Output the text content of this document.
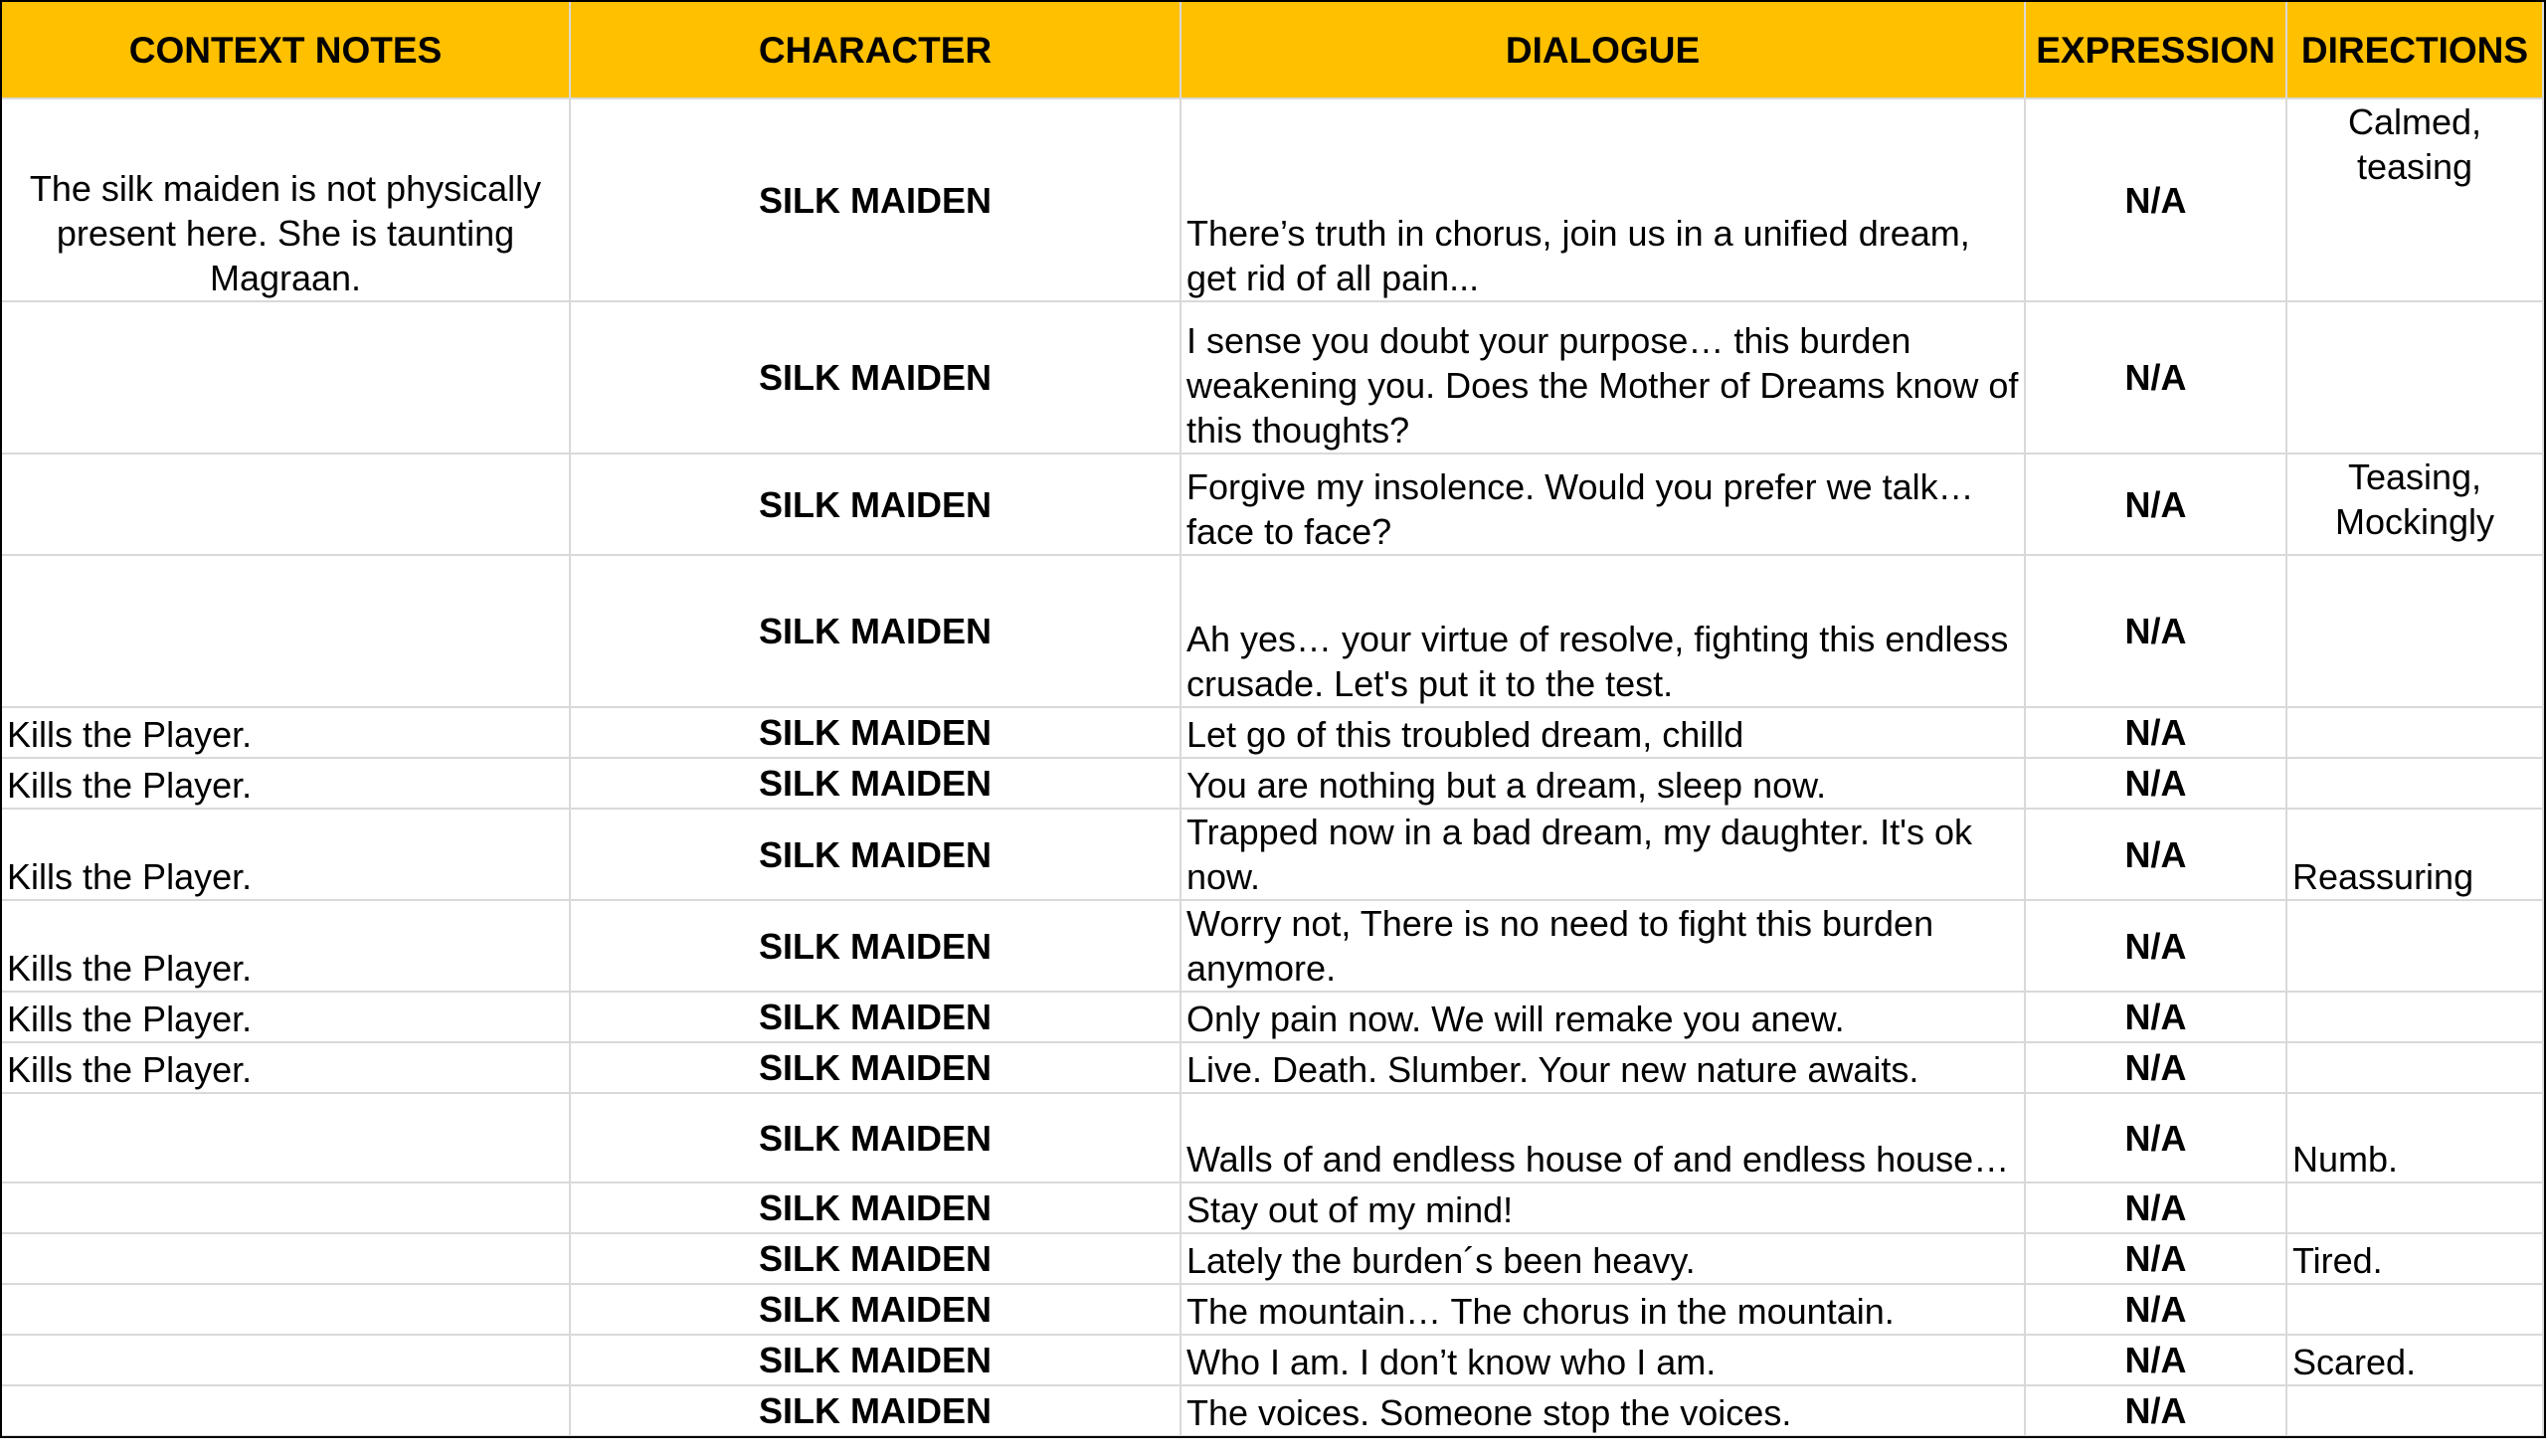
CONTEXT NOTES	CHARACTER	DIALOGUE	EXPRESSION	DIRECTIONS
The silk maiden is not physically present here. She is taunting Magraan.	SILK MAIDEN	There’s truth in chorus, join us in a unified dream, get rid of all pain...	N/A	Calmed, teasing
	SILK MAIDEN	I sense you doubt your purpose… this burden weakening you. Does the Mother of Dreams know of this thoughts?	N/A	
	SILK MAIDEN	Forgive my insolence. Would you prefer we talk… face to face?	N/A	Teasing, Mockingly
	SILK MAIDEN	Ah yes… your virtue of resolve, fighting this endless crusade. Let's put it to the test.	N/A	
Kills the Player.	SILK MAIDEN	Let go of this troubled dream, chilld	N/A	
Kills the Player.	SILK MAIDEN	You are nothing but a dream, sleep now.	N/A	
Kills the Player.	SILK MAIDEN	Trapped now in a bad dream, my daughter. It's ok now.	N/A	Reassuring
Kills the Player.	SILK MAIDEN	Worry not, There is no need to fight this burden anymore.	N/A	
Kills the Player.	SILK MAIDEN	Only pain now. We will remake you anew.	N/A	
Kills the Player.	SILK MAIDEN	Live. Death. Slumber. Your new nature awaits.	N/A	
	SILK MAIDEN	Walls of and endless house of and endless house…	N/A	Numb.
	SILK MAIDEN	Stay out of my mind!	N/A	
	SILK MAIDEN	Lately the burden´s been heavy.	N/A	Tired.
	SILK MAIDEN	The mountain… The chorus in the mountain.	N/A	
	SILK MAIDEN	Who I am. I don’t know who I am.	N/A	Scared.
	SILK MAIDEN	The voices. Someone stop the voices.	N/A	
